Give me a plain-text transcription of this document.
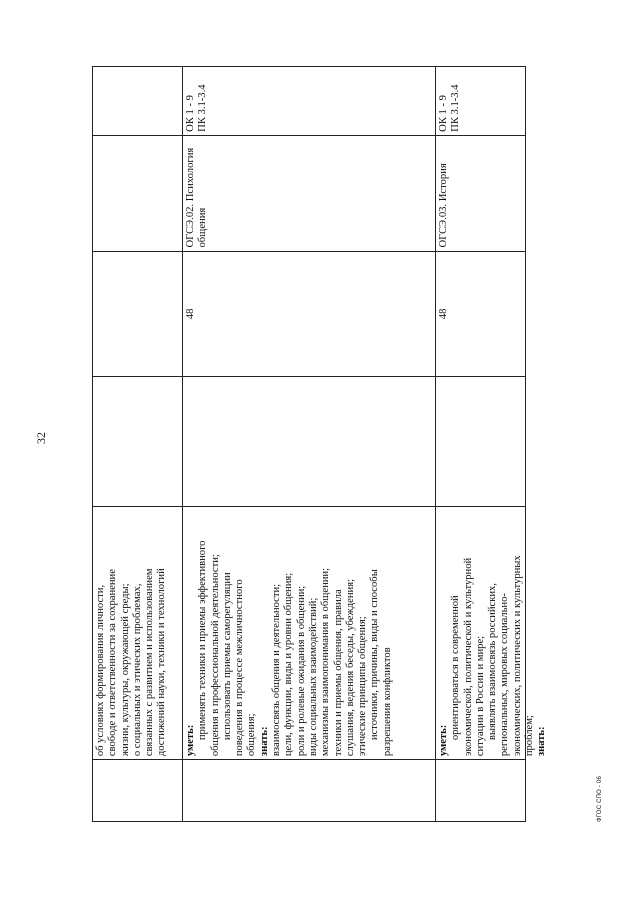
32
об условиях формирования личности, свободе и ответственности за сохранение жизни, культуры, окружающей среды; о социальных и этических проблемах, связанных с развитием и использованием достижений науки, техники и технологий уметь:
применять техники и приемы эффективного общения в профессиональной деятельности; использовать приемы саморегуляции поведения в процессе межличностного общения; знать: взаимосвязь общения и деятельности; цели, функции, виды и уровни общения; роли и ролевые ожидания в общении; виды социальных взаимодействий; механизмы взаимопонимания в общении; техники и приемы общения, правила слушания, ведения беседы, убеждения; этические принципы общения; источники, причины, виды и способы разрешения конфликтов
48
ОГСЭ.02. Психология общения
ОК 1 - 9 ПК 3.1-3.4
уметь:
ориентироваться в современной экономической, политической и культурной ситуации в России и мире; выявлять взаимосвязь российских, региональных, мировых социально- экономических, политических и культурных проблем; знать:
48
ОГСЭ.03. История
ОК 1 - 9 ПК 3.1-3.4
ФГОС СПО - 06
